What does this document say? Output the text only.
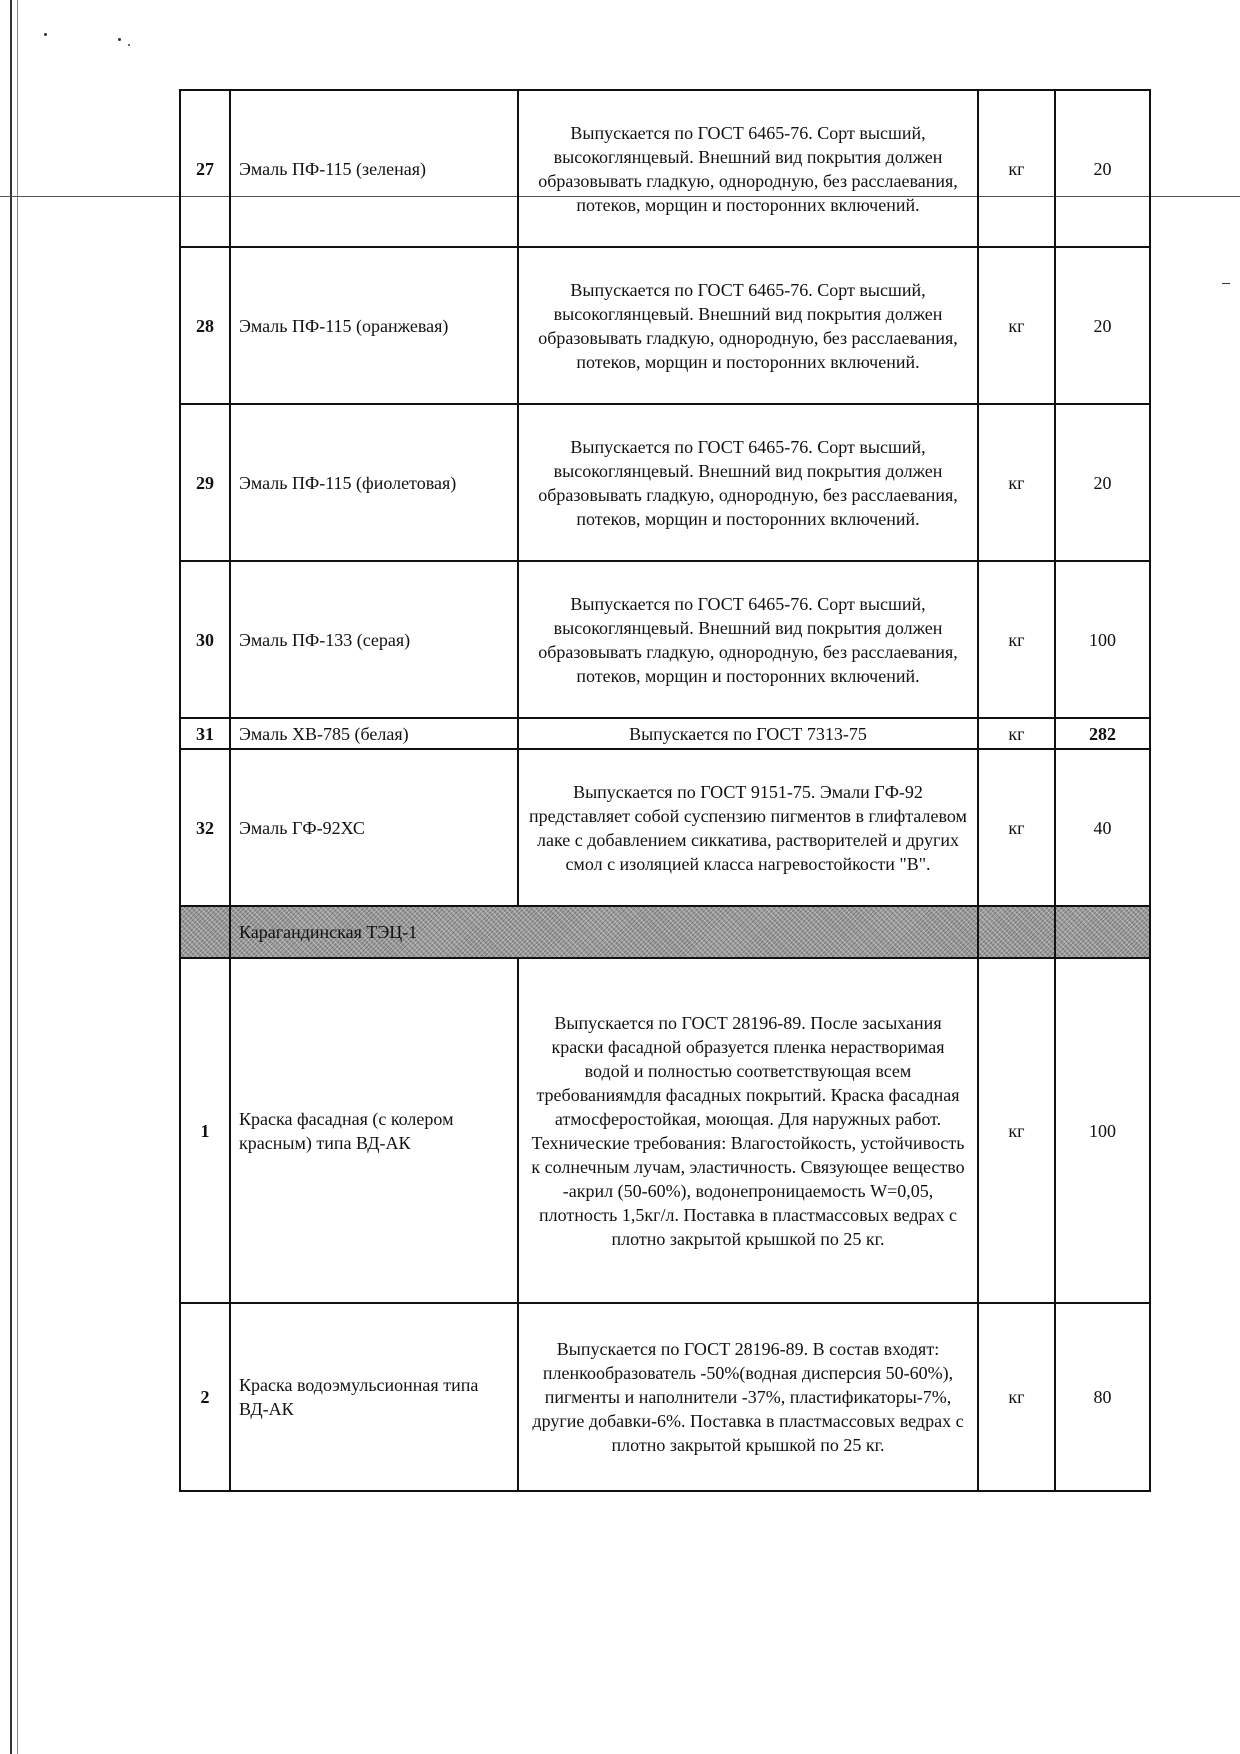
27	Эмаль ПФ-115 (зеленая)	Выпускается по ГОСТ 6465-76. Сорт высший, высокоглянцевый. Внешний вид покрытия должен образовывать гладкую, однородную, без расслаевания, потеков, морщин и посторонних включений.	кг	20
28	Эмаль ПФ-115 (оранжевая)	Выпускается по ГОСТ 6465-76. Сорт высший, высокоглянцевый. Внешний вид покрытия должен образовывать гладкую, однородную, без расслаевания, потеков, морщин и посторонних включений.	кг	20
29	Эмаль ПФ-115 (фиолетовая)	Выпускается по ГОСТ 6465-76. Сорт высший, высокоглянцевый. Внешний вид покрытия должен образовывать гладкую, однородную, без расслаевания, потеков, морщин и посторонних включений.	кг	20
30	Эмаль ПФ-133 (серая)	Выпускается по ГОСТ 6465-76. Сорт высший, высокоглянцевый. Внешний вид покрытия должен образовывать гладкую, однородную, без расслаевания, потеков, морщин и посторонних включений.	кг	100
31	Эмаль ХВ-785 (белая)	Выпускается по ГОСТ 7313-75	кг	282
32	Эмаль ГФ-92ХС	Выпускается по ГОСТ 9151-75. Эмали ГФ-92 представляет собой суспензию пигментов в глифталевом лаке с добавлением сиккатива, растворителей и других смол с изоляцией класса нагревостойкости "В".	кг	40
	Карагандинская ТЭЦ-1			
1	Краска фасадная (с колером красным) типа ВД-АК	Выпускается по ГОСТ 28196-89. После засыхания краски фасадной образуется пленка нерастворимая водой и полностью соответствующая всем требованиямдля фасадных покрытий. Краска фасадная атмосферостойкая, моющая. Для наружных работ. Технические требования: Влагостойкость, устойчивость к солнечным лучам, эластичность. Связующее вещество -акрил (50-60%), водонепроницаемость W=0,05, плотность 1,5кг/л. Поставка в пластмассовых ведрах с плотно закрытой крышкой по 25 кг.	кг	100
2	Краска водоэмульсионная типа ВД-АК	Выпускается по ГОСТ 28196-89. В состав входят: пленкообразователь -50%(водная дисперсия 50-60%), пигменты и наполнители -37%, пластификаторы-7%, другие добавки-6%. Поставка в пластмассовых ведрах с плотно закрытой крышкой по 25 кг.	кг	80
